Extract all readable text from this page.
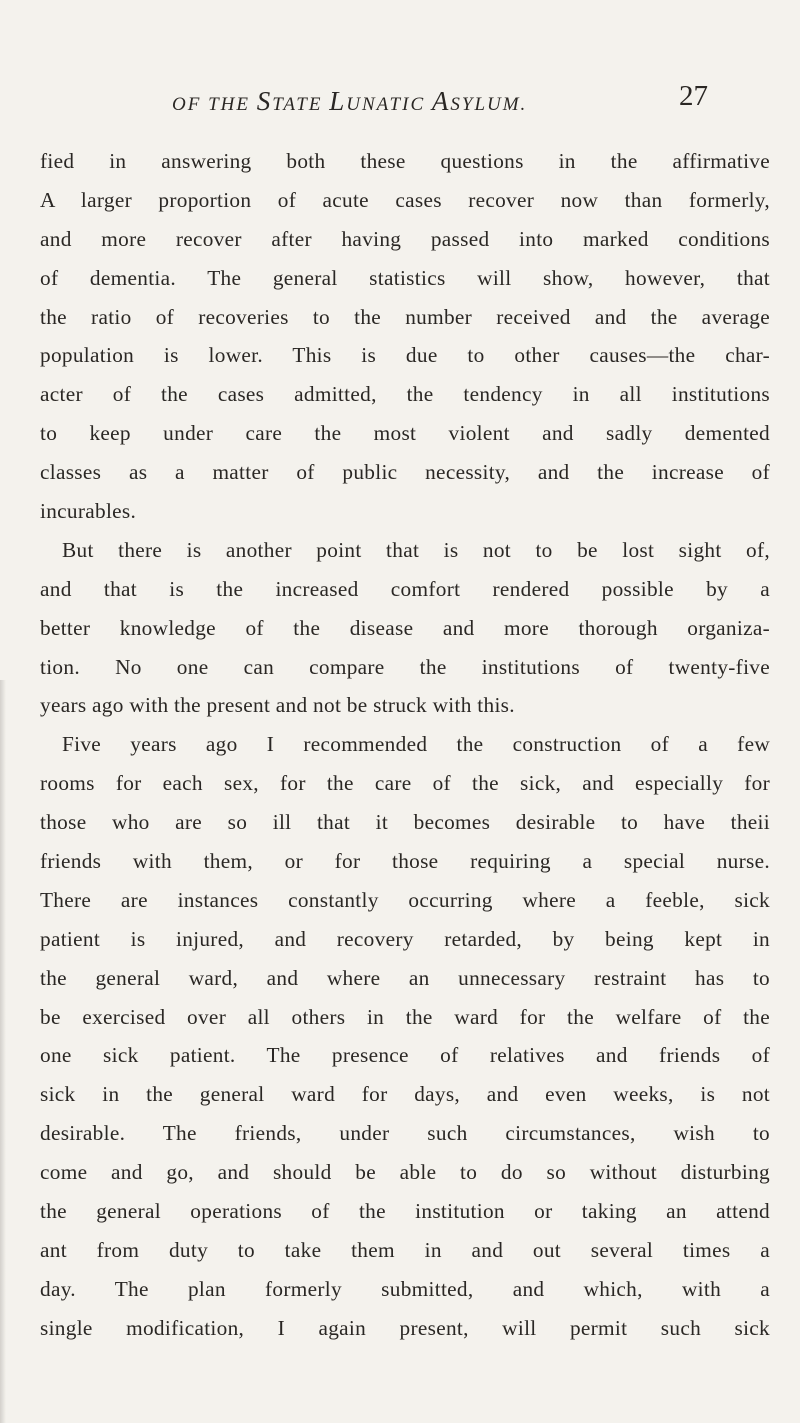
OF THE STATE LUNATIC ASYLUM.	27
fied in answering both these questions in the affirmative
A larger proportion of acute cases recover now than formerly,
and more recover after having passed into marked conditions
of dementia. The general statistics will show, however, that
the ratio of recoveries to the number received and the average
population is lower. This is due to other causes—the char-
acter of the cases admitted, the tendency in all institutions
to keep under care the most violent and sadly demented
classes as a matter of public necessity, and the increase of
incurables.
But there is another point that is not to be lost sight of,
and that is the increased comfort rendered possible by a
better knowledge of the disease and more thorough organiza-
tion. No one can compare the institutions of twenty-five
years ago with the present and not be struck with this.
Five years ago I recommended the construction of a few
rooms for each sex, for the care of the sick, and especially for
those who are so ill that it becomes desirable to have theii
friends with them, or for those requiring a special nurse.
There are instances constantly occurring where a feeble, sick
patient is injured, and recovery retarded, by being kept in
the general ward, and where an unnecessary restraint has to
be exercised over all others in the ward for the welfare of the
one sick patient. The presence of relatives and friends of
sick in the general ward for days, and even weeks, is not
desirable. The friends, under such circumstances, wish to
come and go, and should be able to do so without disturbing
the general operations of the institution or taking an attend
ant from duty to take them in and out several times a
day. The plan formerly submitted, and which, with a
single modification, I again present, will permit such sick
